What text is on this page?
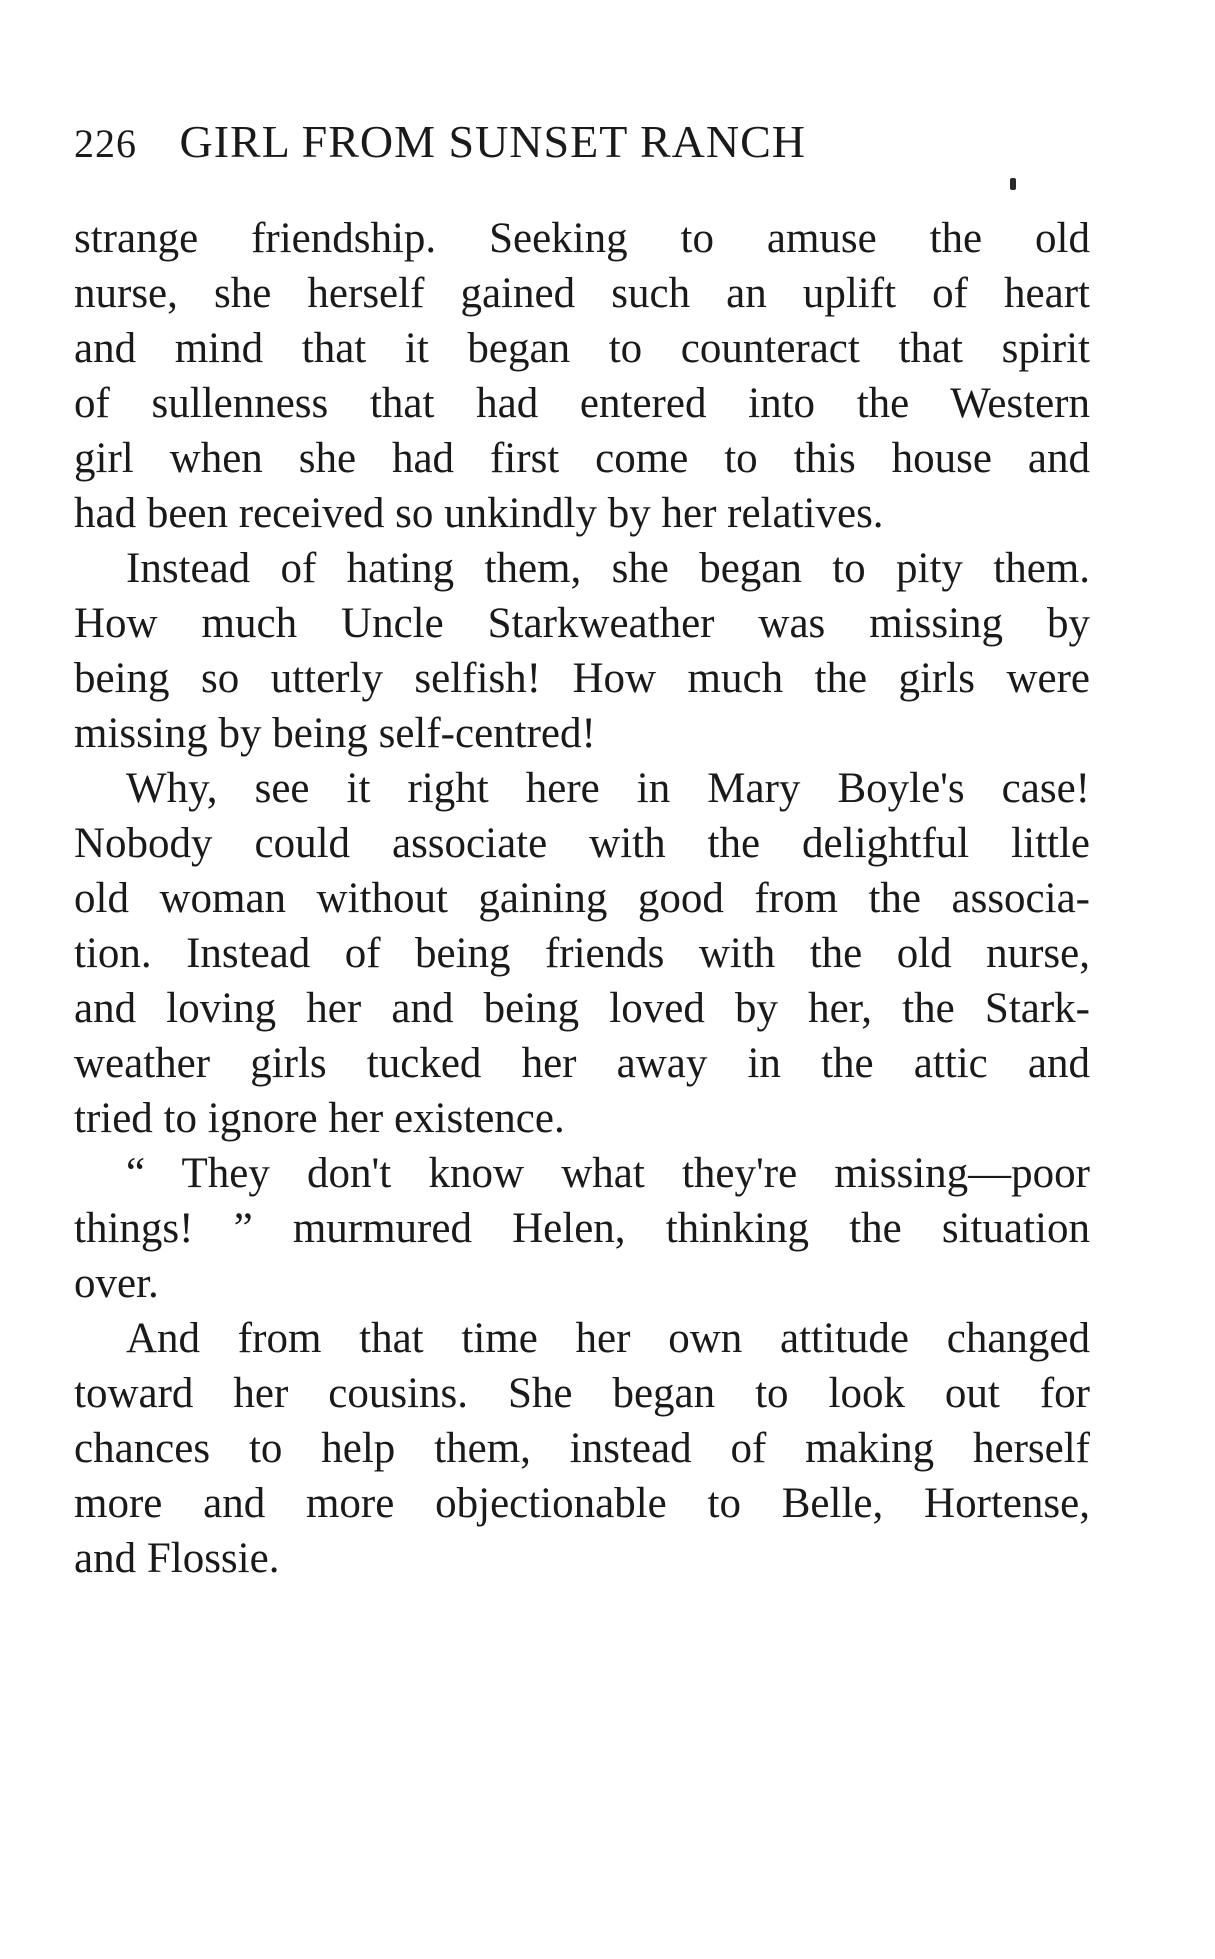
226 GIRL FROM SUNSET RANCH
strange friendship. Seeking to amuse the old
nurse, she herself gained such an uplift of heart
and mind that it began to counteract that spirit
of sullenness that had entered into the Western
girl when she had first come to this house and
had been received so unkindly by her relatives.
Instead of hating them, she began to pity them.
How much Uncle Starkweather was missing by
being so utterly selfish! How much the girls were
missing by being self-centred!
Why, see it right here in Mary Boyle's case!
Nobody could associate with the delightful little
old woman without gaining good from the associa-
tion. Instead of being friends with the old nurse,
and loving her and being loved by her, the Stark-
weather girls tucked her away in the attic and
tried to ignore her existence.
“ They don't know what they're missing—poor
things! ” murmured Helen, thinking the situation
over.
And from that time her own attitude changed
toward her cousins. She began to look out for
chances to help them, instead of making herself
more and more objectionable to Belle, Hortense,
and Flossie.
